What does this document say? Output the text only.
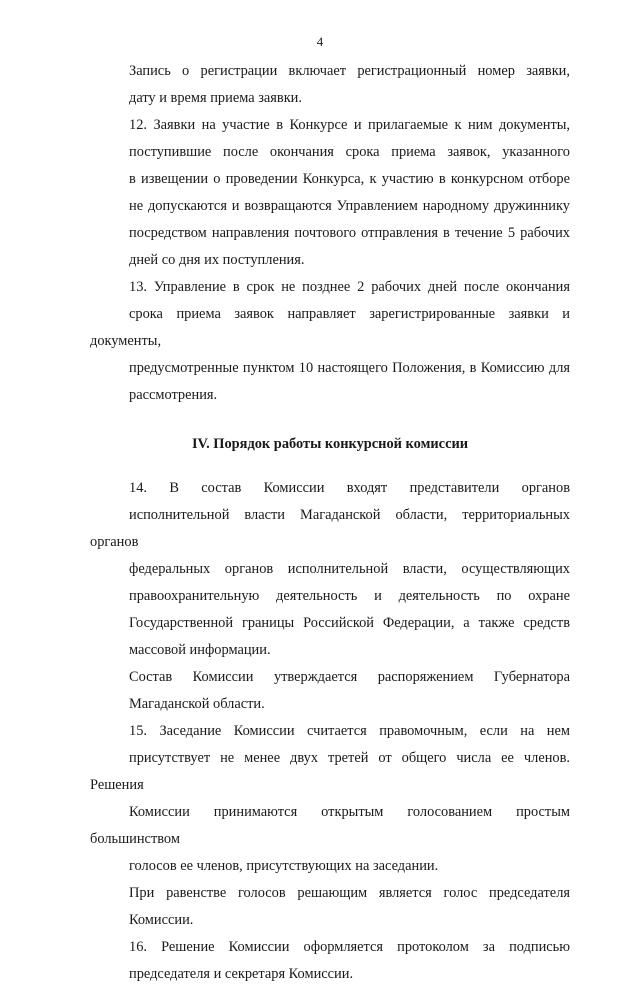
4

Запись о регистрации включает регистрационный номер заявки,
дату и время приема заявки.

12. Заявки на участие в Конкурсе и прилагаемые к ним документы,
поступившие после окончания срока приема заявок, указанного
в извещении о проведении Конкурса, к участию в конкурсном отборе
не допускаются и возвращаются Управлением народному дружиннику
посредством направления почтового отправления в течение 5 рабочих
дней со дня их поступления.

13. Управление в срок не позднее 2 рабочих дней после окончания
срока приема заявок направляет зарегистрированные заявки и документы,
предусмотренные пунктом 10 настоящего Положения, в Комиссию для
рассмотрения.

IV. Порядок работы конкурсной комиссии

14. В состав Комиссии входят представители органов
исполнительной власти Магаданской области, территориальных органов
федеральных органов исполнительной власти, осуществляющих
правоохранительную деятельность и деятельность по охране
Государственной границы Российской Федерации, а также средств
массовой информации.

Состав Комиссии утверждается распоряжением Губернатора
Магаданской области.

15. Заседание Комиссии считается правомочным, если на нем
присутствует не менее двух третей от общего числа ее членов. Решения
Комиссии принимаются открытым голосованием простым большинством
голосов ее членов, присутствующих на заседании.

При равенстве голосов решающим является голос председателя
Комиссии.

16. Решение Комиссии оформляется протоколом за подписью
председателя и секретаря Комиссии.
